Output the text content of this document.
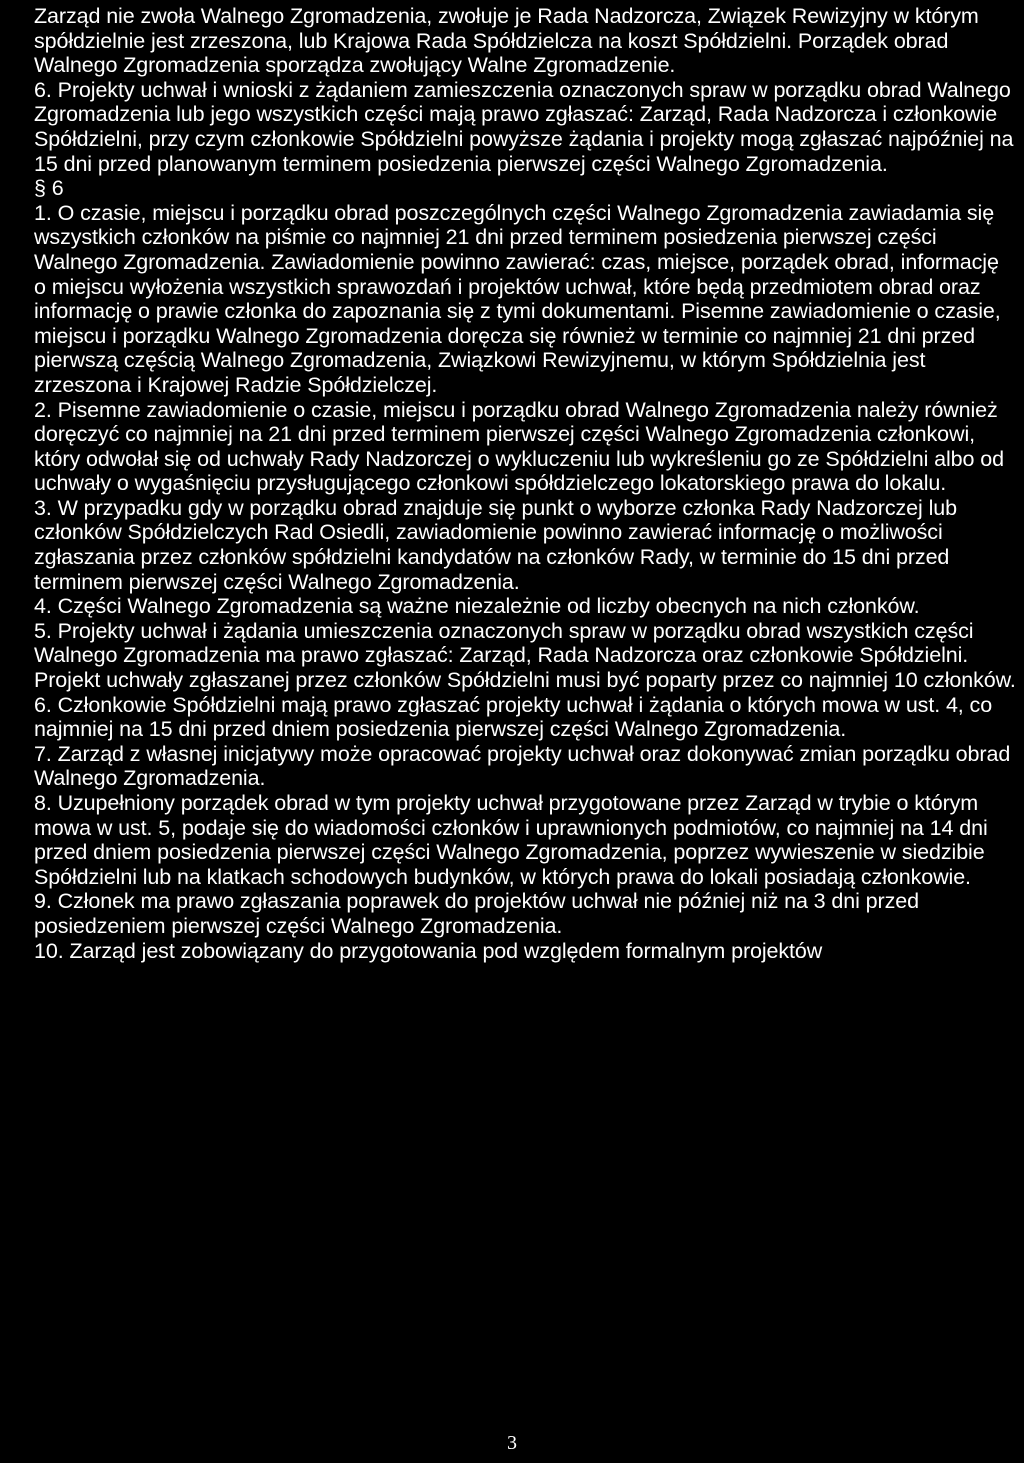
Zarząd nie zwoła Walnego Zgromadzenia, zwołuje je Rada Nadzorcza, Związek Rewizyjny w którym spółdzielnie jest zrzeszona, lub Krajowa Rada Spółdzielcza na koszt Spółdzielni. Porządek obrad Walnego Zgromadzenia sporządza zwołujący Walne Zgromadzenie.

6. Projekty uchwał i wnioski z żądaniem zamieszczenia oznaczonych spraw w porządku obrad Walnego Zgromadzenia lub jego wszystkich części mają prawo zgłaszać: Zarząd, Rada Nadzorcza i członkowie Spółdzielni, przy czym członkowie Spółdzielni powyższe żądania i projekty mogą zgłaszać najpóźniej na 15 dni przed planowanym terminem posiedzenia pierwszej części Walnego Zgromadzenia.

§ 6

1. O czasie, miejscu i porządku obrad poszczególnych części Walnego Zgromadzenia zawiadamia się wszystkich członków na piśmie co najmniej 21 dni przed terminem posiedzenia pierwszej części Walnego Zgromadzenia. Zawiadomienie powinno zawierać: czas, miejsce, porządek obrad, informację o miejscu wyłożenia wszystkich sprawozdań i projektów uchwał, które będą przedmiotem obrad oraz informację o prawie członka do zapoznania się z tymi dokumentami. Pisemne zawiadomienie o czasie, miejscu i porządku Walnego Zgromadzenia doręcza się również w terminie co najmniej 21 dni przed pierwszą częścią Walnego Zgromadzenia, Związkowi Rewizyjnemu, w którym Spółdzielnia jest zrzeszona i Krajowej Radzie Spółdzielczej.

2. Pisemne zawiadomienie o czasie, miejscu i porządku obrad Walnego Zgromadzenia należy również doręczyć co najmniej na 21 dni przed terminem pierwszej części Walnego Zgromadzenia członkowi, który odwołał się od uchwały Rady Nadzorczej o wykluczeniu lub wykreśleniu go ze Spółdzielni albo od uchwały o wygaśnięciu przysługującego członkowi spółdzielczego lokatorskiego prawa do lokalu.

3. W przypadku gdy w porządku obrad znajduje się punkt o wyborze członka Rady Nadzorczej lub członków Spółdzielczych Rad Osiedli, zawiadomienie powinno zawierać informację o możliwości zgłaszania przez członków spółdzielni kandydatów na członków Rady, w terminie do 15 dni przed terminem pierwszej części Walnego Zgromadzenia.

4. Części Walnego Zgromadzenia są ważne niezależnie od liczby obecnych na nich członków.

5. Projekty uchwał i żądania umieszczenia oznaczonych spraw w porządku obrad wszystkich części Walnego Zgromadzenia ma prawo zgłaszać: Zarząd, Rada Nadzorcza oraz członkowie Spółdzielni. Projekt uchwały zgłaszanej przez członków Spółdzielni musi być poparty przez co najmniej 10 członków.

6. Członkowie Spółdzielni mają prawo zgłaszać projekty uchwał i żądania o których mowa w ust. 4, co najmniej na 15 dni przed dniem posiedzenia pierwszej części Walnego Zgromadzenia.

7. Zarząd z własnej inicjatywy może opracować projekty uchwał oraz dokonywać zmian porządku obrad Walnego Zgromadzenia.

8. Uzupełniony porządek obrad w tym projekty uchwał przygotowane przez Zarząd w trybie o którym mowa w ust. 5, podaje się do wiadomości członków i uprawnionych podmiotów, co najmniej na 14 dni przed dniem posiedzenia pierwszej części Walnego Zgromadzenia, poprzez wywieszenie w siedzibie Spółdzielni lub na klatkach schodowych budynków, w których prawa do lokali posiadają członkowie.

9. Członek ma prawo zgłaszania poprawek do projektów uchwał nie później niż na 3 dni przed posiedzeniem pierwszej części Walnego Zgromadzenia.

10. Zarząd jest zobowiązany do przygotowania pod względem formalnym projektów

3
